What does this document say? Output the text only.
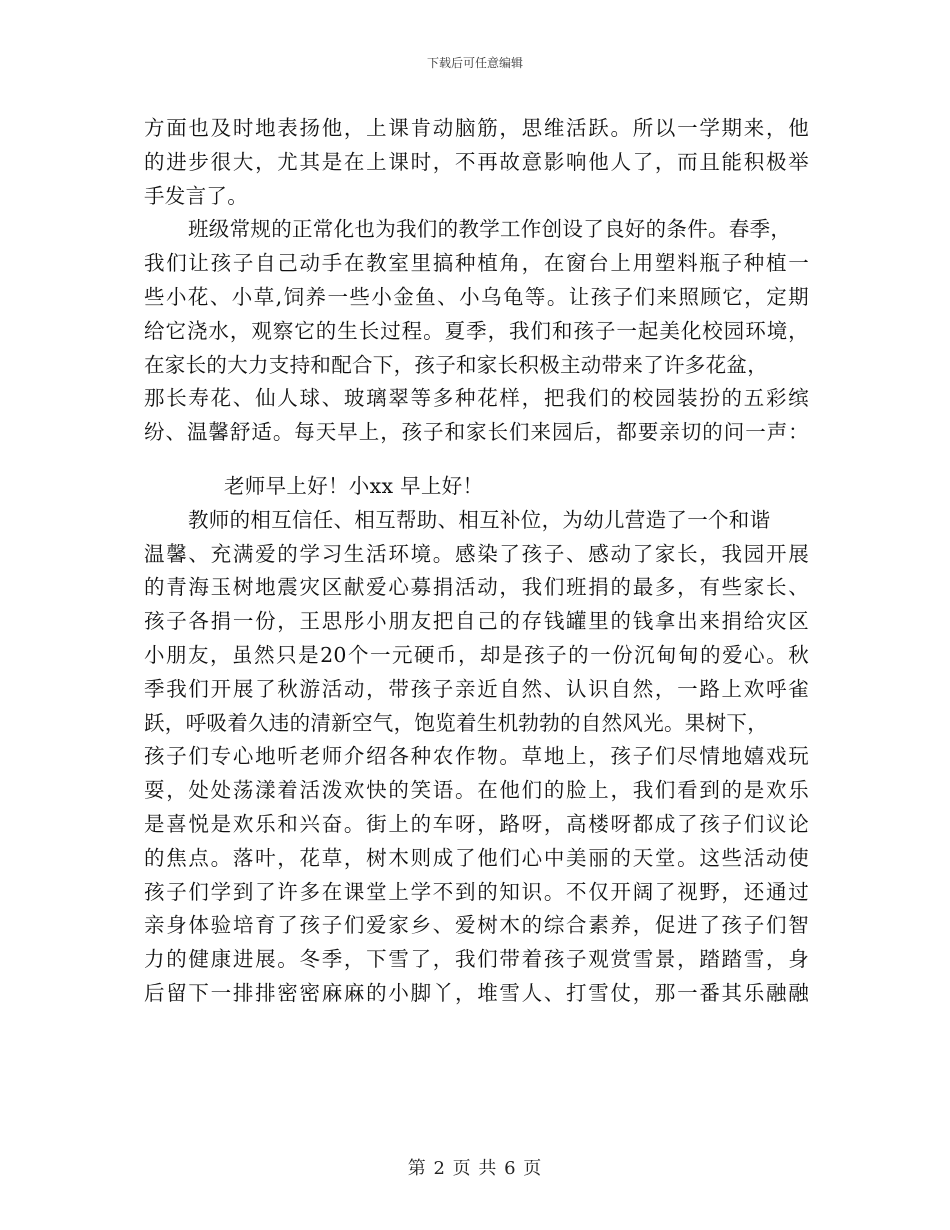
下载后可任意编辑
方面也及时地表扬他，上课肯动脑筋，思维活跃。所以一学期来，他
的进步很大，尤其是在上课时，不再故意影响他人了，而且能积极举
手发言了。
班级常规的正常化也为我们的教学工作创设了良好的条件。春季，
我们让孩子自己动手在教室里搞种植角，在窗台上用塑料瓶子种植一
些小花、小草,饲养一些小金鱼、小乌龟等。让孩子们来照顾它，定期
给它浇水，观察它的生长过程。夏季，我们和孩子一起美化校园环境，
在家长的大力支持和配合下，孩子和家长积极主动带来了许多花盆，
那长寿花、仙人球、玻璃翠等多种花样，把我们的校园装扮的五彩缤
纷、温馨舒适。每天早上，孩子和家长们来园后，都要亲切的问一声：
老师早上好！小xx 早上好！
教师的相互信任、相互帮助、相互补位，为幼儿营造了一个和谐
温馨、充满爱的学习生活环境。感染了孩子、感动了家长，我园开展
的青海玉树地震灾区献爱心募捐活动，我们班捐的最多，有些家长、
孩子各捐一份，王思彤小朋友把自己的存钱罐里的钱拿出来捐给灾区
小朋友，虽然只是20个一元硬币，却是孩子的一份沉甸甸的爱心。秋
季我们开展了秋游活动，带孩子亲近自然、认识自然，一路上欢呼雀
跃，呼吸着久违的清新空气，饱览着生机勃勃的自然风光。果树下，
孩子们专心地听老师介绍各种农作物。草地上，孩子们尽情地嬉戏玩
耍，处处荡漾着活泼欢快的笑语。在他们的脸上，我们看到的是欢乐
是喜悦是欢乐和兴奋。街上的车呀，路呀，高楼呀都成了孩子们议论
的焦点。落叶，花草，树木则成了他们心中美丽的天堂。这些活动使
孩子们学到了许多在课堂上学不到的知识。不仅开阔了视野，还通过
亲身体验培育了孩子们爱家乡、爱树木的综合素养，促进了孩子们智
力的健康进展。冬季，下雪了，我们带着孩子观赏雪景，踏踏雪，身
后留下一排排密密麻麻的小脚丫，堆雪人、打雪仗，那一番其乐融融
第 2 页 共 6 页
